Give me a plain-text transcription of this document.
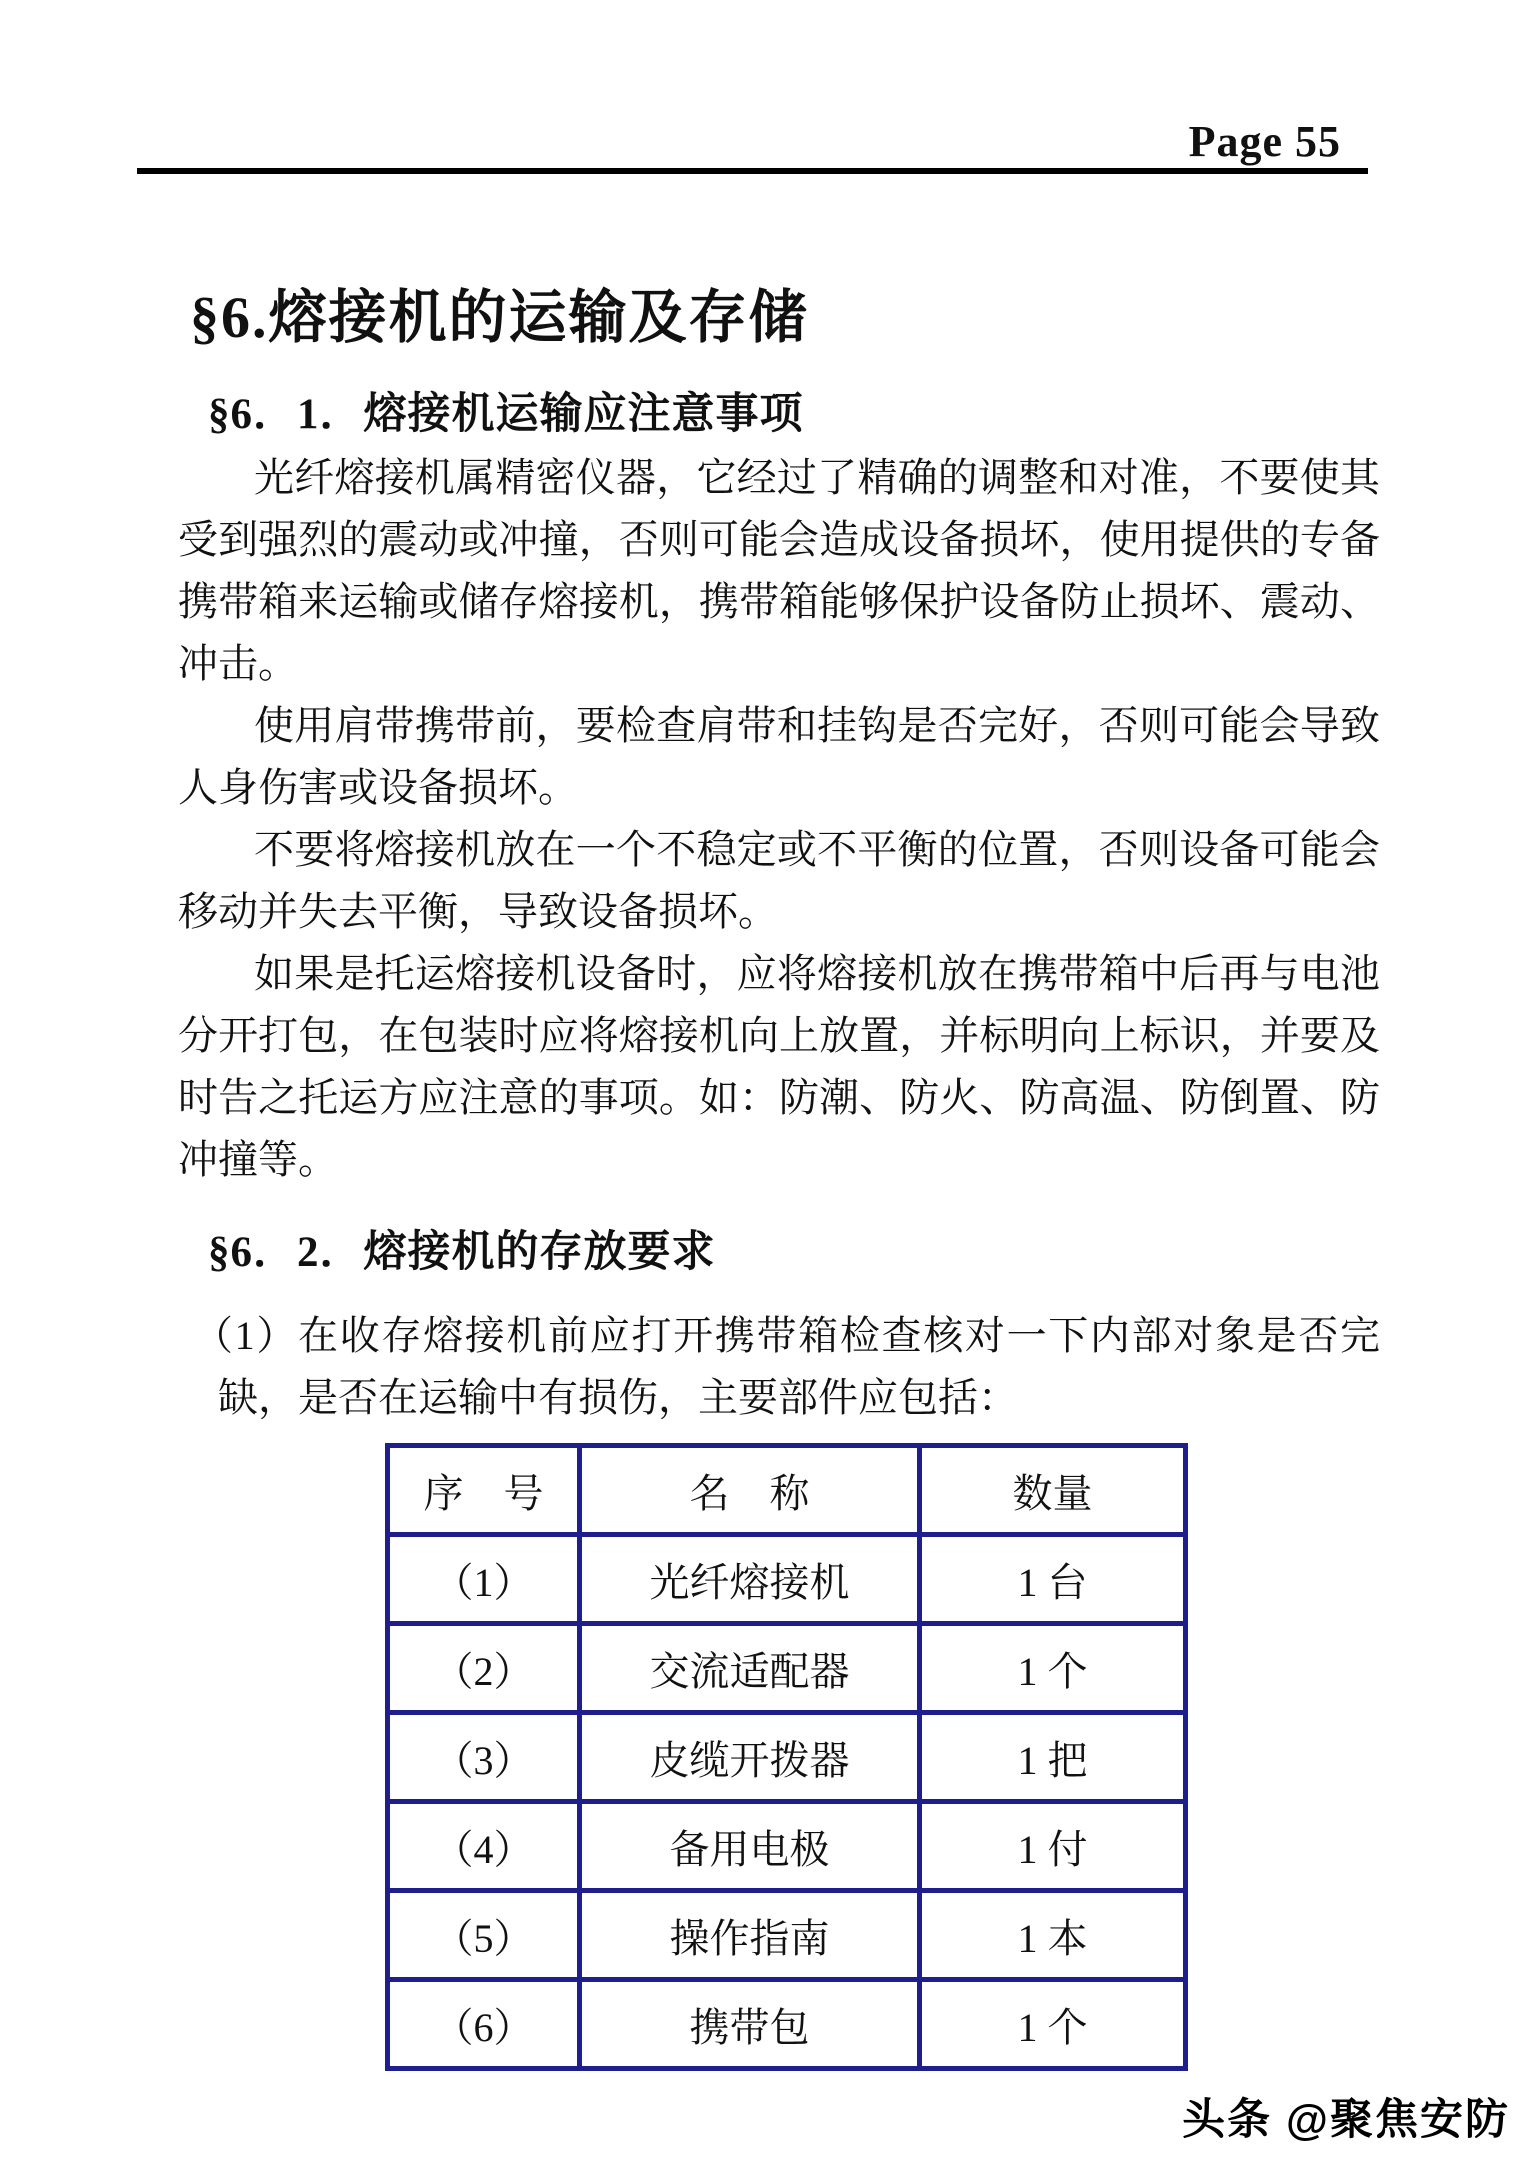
Page 55
§6.熔接机的运输及存储
§6．1．熔接机运输应注意事项

光纤熔接机属精密仪器，它经过了精确的调整和对准，不要使其受到强烈的震动或冲撞，否则可能会造成设备损坏，使用提供的专备携带箱来运输或储存熔接机，携带箱能够保护设备防止损坏、震动、冲击。

使用肩带携带前，要检查肩带和挂钩是否完好，否则可能会导致人身伤害或设备损坏。

不要将熔接机放在一个不稳定或不平衡的位置，否则设备可能会移动并失去平衡，导致设备损坏。

如果是托运熔接机设备时，应将熔接机放在携带箱中后再与电池分开打包，在包装时应将熔接机向上放置，并标明向上标识，并要及时告之托运方应注意的事项。如：防潮、防火、防高温、防倒置、防冲撞等。

§6．2．熔接机的存放要求

（1）在收存熔接机前应打开携带箱检查核对一下内部对象是否完缺，是否在运输中有损伤，主要部件应包括：

序　号	名　称	数量
（1）	光纤熔接机	1 台
（2）	交流适配器	1 个
（3）	皮缆开拨器	1 把
（4）	备用电极	1 付
（5）	操作指南	1 本
（6）	携带包	1 个
头条 @聚焦安防
